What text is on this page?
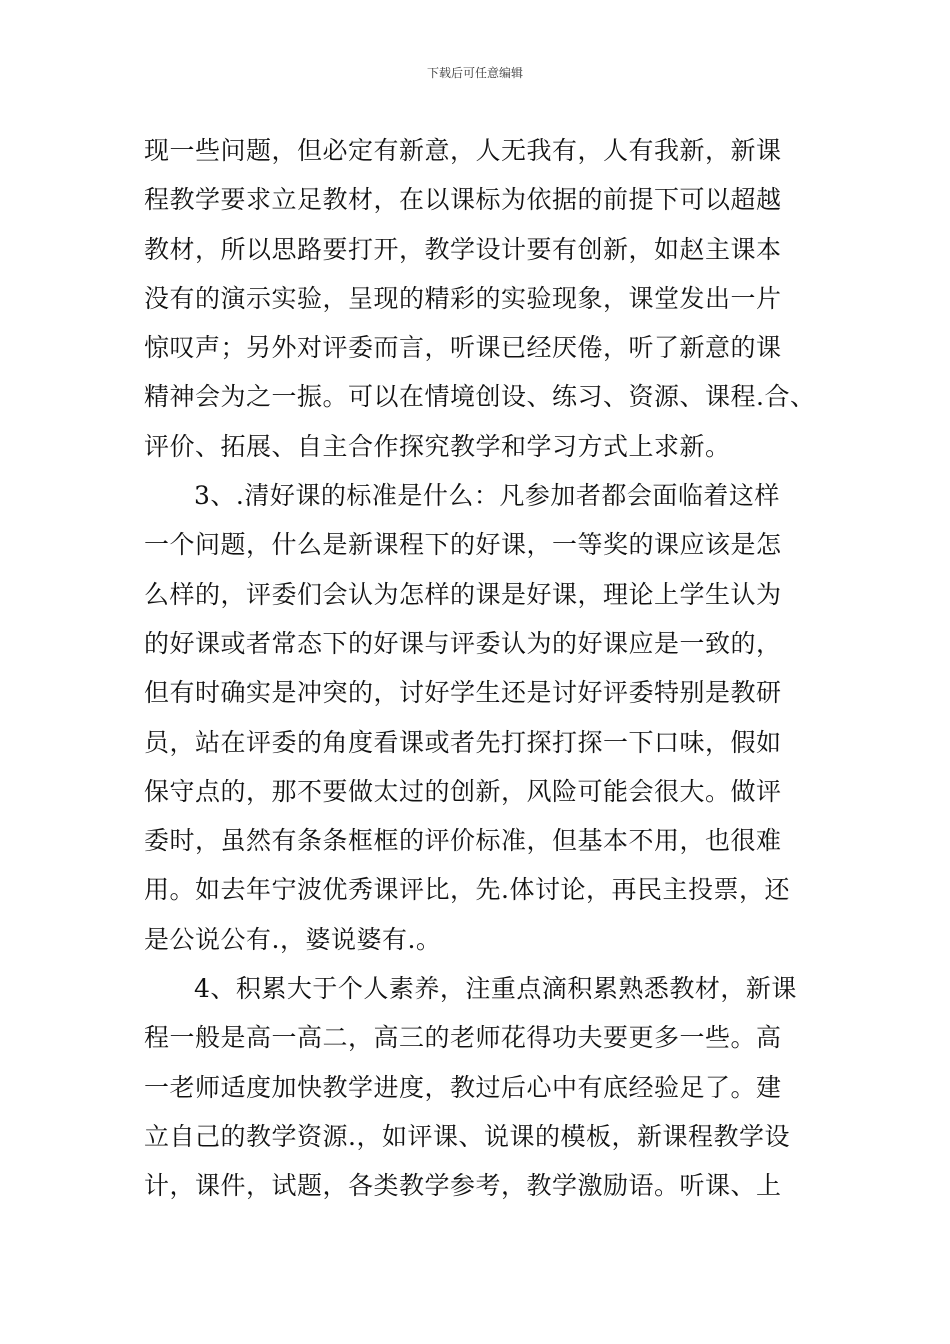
下载后可任意编辑
现一些问题，但必定有新意，人无我有，人有我新，新课
程教学要求立足教材，在以课标为依据的前提下可以超越
教材，所以思路要打开，教学设计要有创新，如赵主课本
没有的演示实验，呈现的精彩的实验现象，课堂发出一片
惊叹声；另外对评委而言，听课已经厌倦，听了新意的课
精神会为之一振。可以在情境创设、练习、资源、课程.合、
评价、拓展、自主合作探究教学和学习方式上求新。
3、.清好课的标准是什么：凡参加者都会面临着这样
一个问题，什么是新课程下的好课，一等奖的课应该是怎
么样的，评委们会认为怎样的课是好课，理论上学生认为
的好课或者常态下的好课与评委认为的好课应是一致的，
但有时确实是冲突的，讨好学生还是讨好评委特别是教研
员，站在评委的角度看课或者先打探打探一下口味，假如
保守点的，那不要做太过的创新，风险可能会很大。做评
委时，虽然有条条框框的评价标准，但基本不用，也很难
用。如去年宁波优秀课评比，先.体讨论，再民主投票，还
是公说公有.，婆说婆有.。
4、积累大于个人素养，注重点滴积累熟悉教材，新课
程一般是高一高二，高三的老师花得功夫要更多一些。高
一老师适度加快教学进度，教过后心中有底经验足了。建
立自己的教学资源.，如评课、说课的模板，新课程教学设
计，课件，试题，各类教学参考，教学激励语。听课、上
